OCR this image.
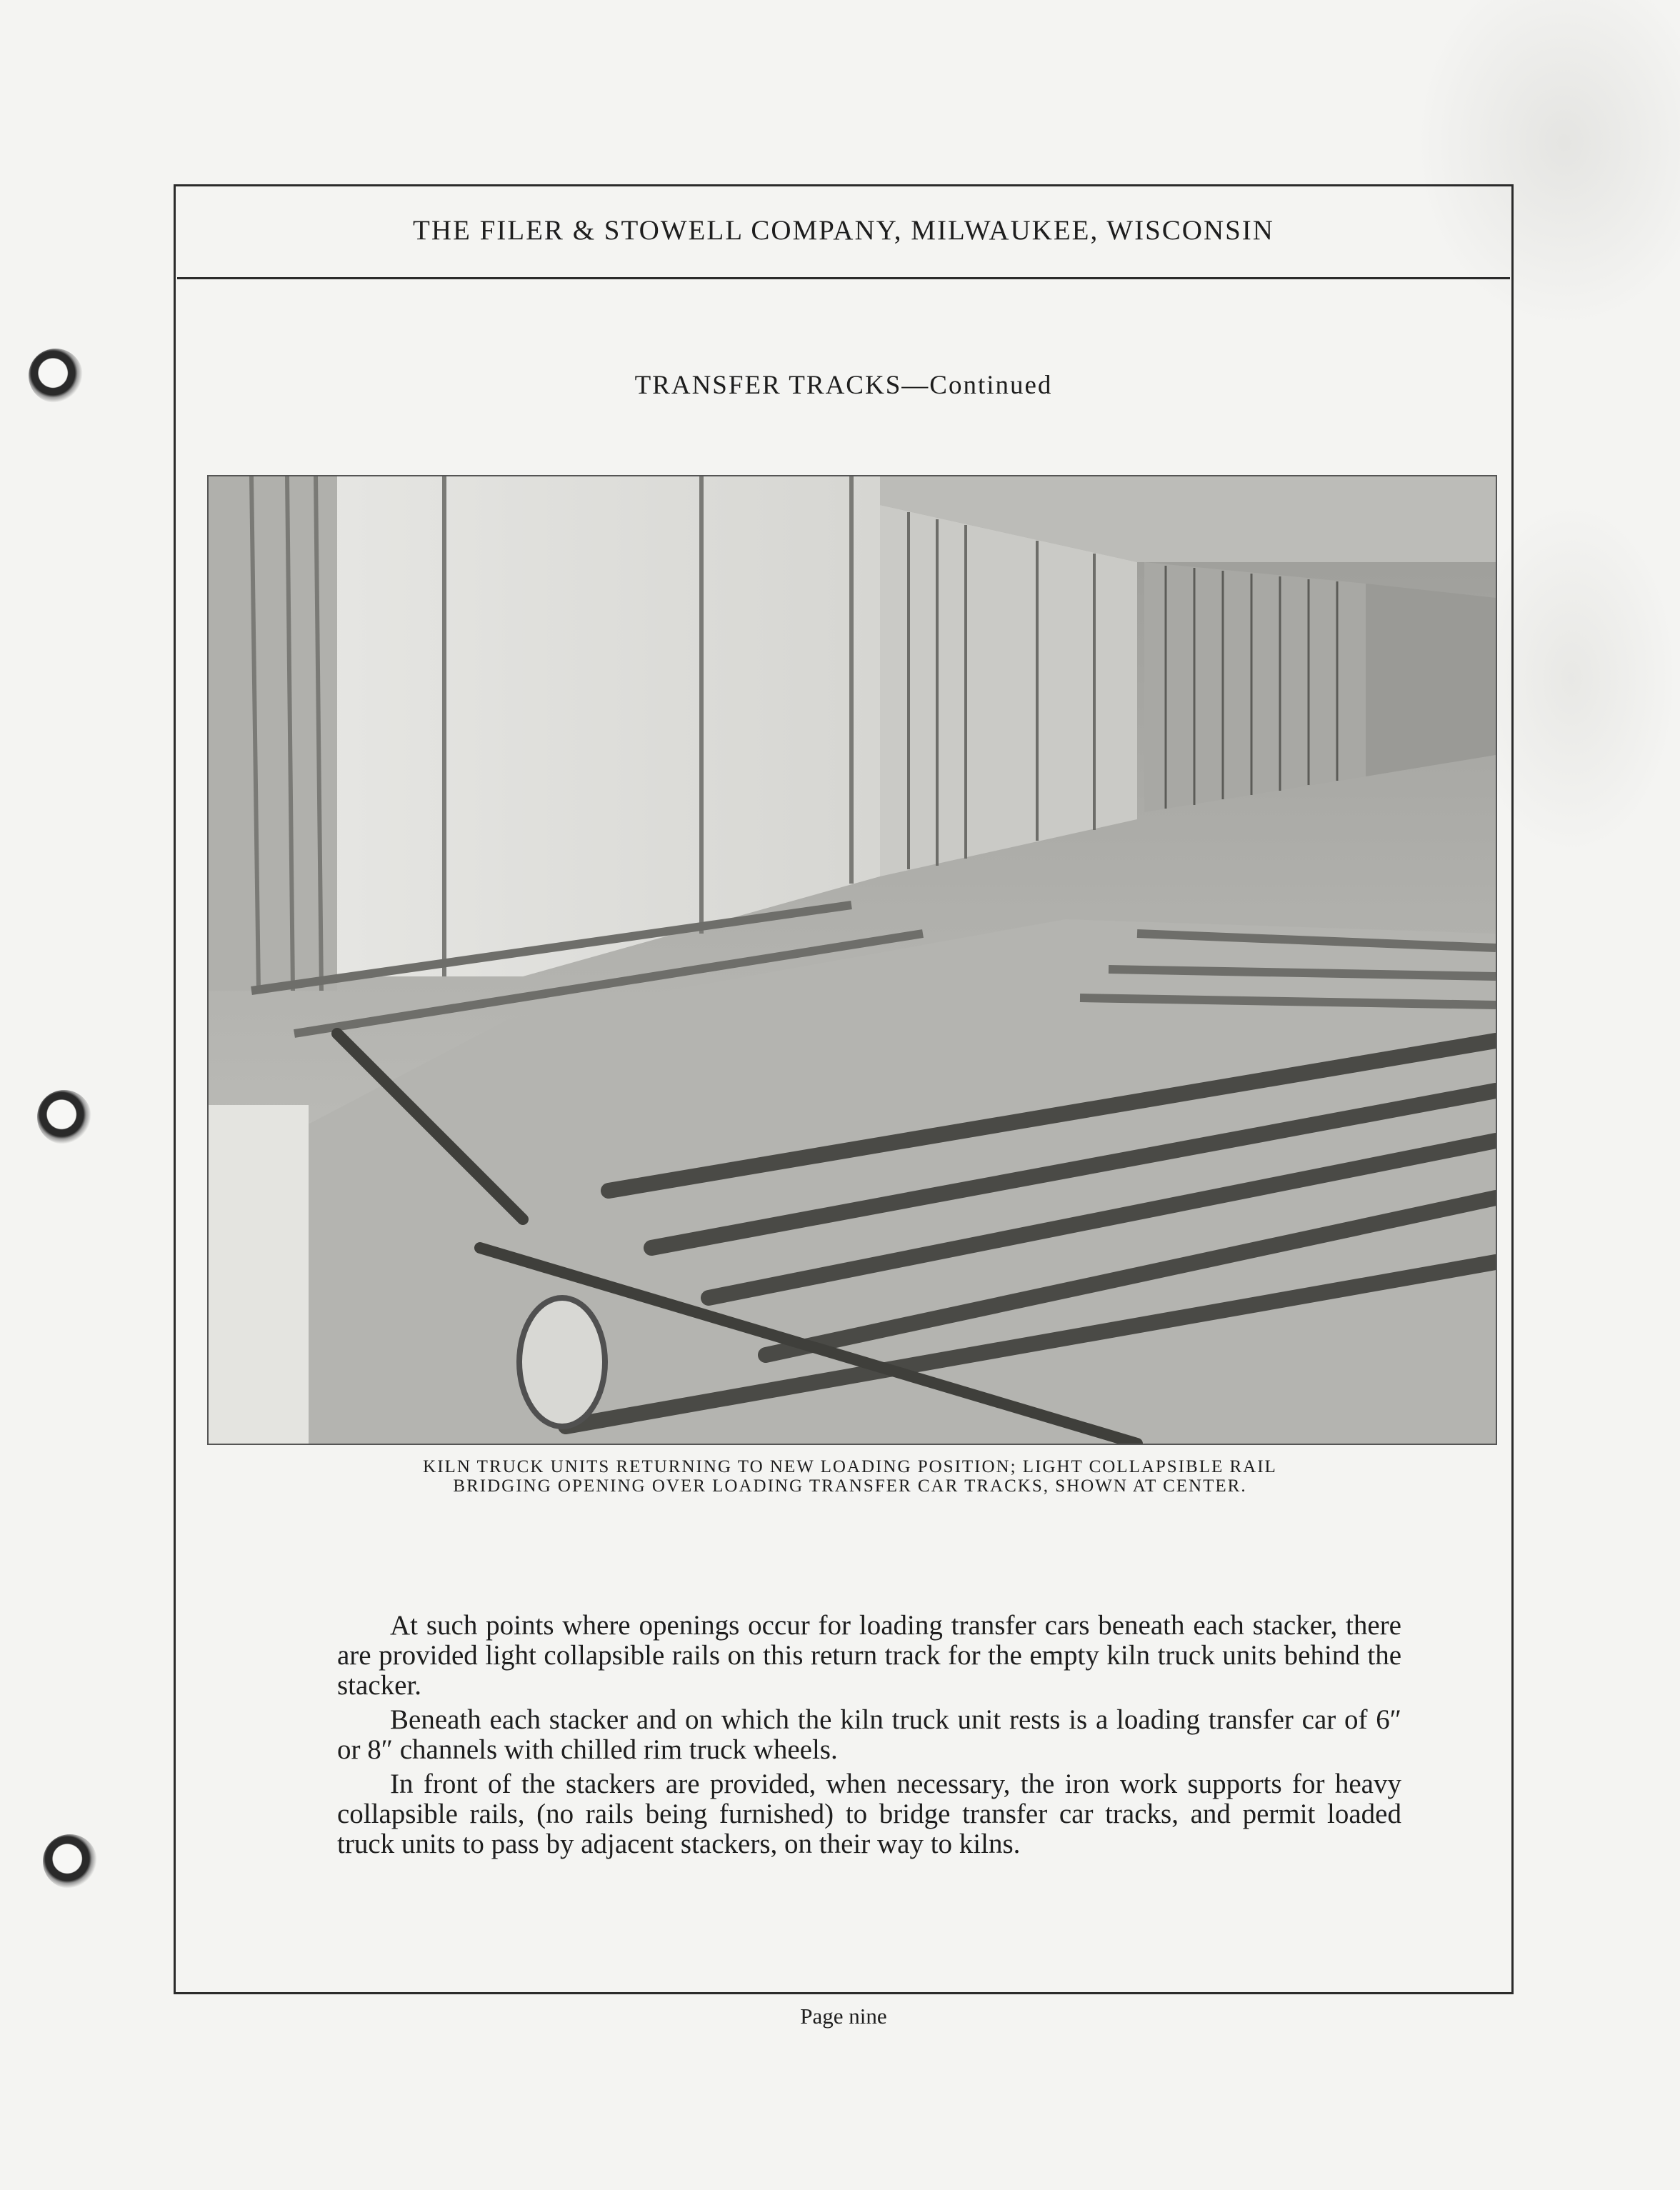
THE FILER & STOWELL COMPANY, MILWAUKEE, WISCONSIN
TRANSFER TRACKS—Continued
KILN TRUCK UNITS RETURNING TO NEW LOADING POSITION; LIGHT COLLAPSIBLE RAIL
BRIDGING OPENING OVER LOADING TRANSFER CAR TRACKS, SHOWN AT CENTER.

At such points where openings occur for loading transfer cars beneath each stacker, there are provided light collapsible rails on this return track for the empty kiln truck units behind the stacker.

Beneath each stacker and on which the kiln truck unit rests is a loading transfer car of 6″ or 8″ channels with chilled rim truck wheels.

In front of the stackers are provided, when necessary, the iron work supports for heavy collapsible rails, (no rails being furnished) to bridge transfer car tracks, and permit loaded truck units to pass by adjacent stackers, on their way to kilns.

Page nine
